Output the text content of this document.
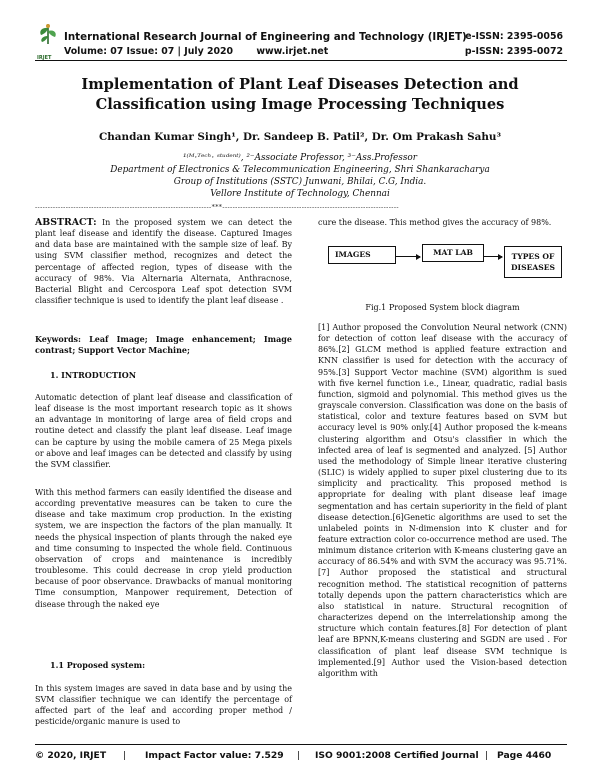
IRJET
International Research Journal of Engineering and Technology (IRJET)
Volume: 07 Issue: 07 | July 2020 www.irjet.net
e-ISSN: 2395-0056
p-ISSN: 2395-0072
Implementation of Plant Leaf Diseases Detection and Classification using Image Processing Techniques
Chandan Kumar Singh¹, Dr. Sandeep B. Patil², Dr. Om Prakash Sahu³
¹⁽ᴹ·ᵀᵉᶜʰ· ˢᵗᵘᵈᵉⁿᵗ⁾, ²⁻Associate Professor, ³⁻Ass.Professor
Department of Electronics & Telecommunication Engineering, Shri Shankaracharya
Group of Institutions (SSTC) Junwani, Bhilai, C.G, India.
Vellore Institute of Technology, Chennai
---------------------------------------------------------------------***---------------------------------------------------------------------

ABSTRACT: In the proposed system we can detect the plant leaf disease and identify the disease. Captured Images and data base are maintained with the sample size of leaf. By using SVM classifier method, recognizes and detect the percentage of affected region, types of disease with the accuracy of 98%. Via Alternaria Alternata, Anthracnose, Bacterial Blight and Cercospora Leaf spot detection SVM classifier technique is used to identify the plant leaf disease .

Keywords: Leaf Image; Image enhancement; Image contrast; Support Vector Machine;
1. INTRODUCTION
Automatic detection of plant leaf disease and classification of leaf disease is the most important research topic as it shows an advantage in monitoring of large area of field crops and routine detect and classify the plant leaf disease. Leaf image can be capture by using the mobile camera of 25 Mega pixels or above and leaf images can be detected and classify by using the SVM classifier.
With this method farmers can easily identified the disease and according preventative measures can be taken to cure the disease and take maximum crop production. In the existing system, we are inspection the factors of the plan manually. It needs the physical inspection of plants through the naked eye and time consuming to inspected the whole field. Continuous observation of crops and maintenance is incredibly troublesome. This could decrease in crop yield production because of poor observance. Drawbacks of manual monitoring Time consumption, Manpower requirement, Detection of disease through the naked eye
1.1 Proposed system:
In this system images are saved in data base and by using the SVM classifier technique we can identify the percentage of affected part of the leaf and according proper method / pesticide/organic manure is used to
cure the disease. This method gives the accuracy of 98%.
IMAGES	MAT LAB	TYPES OF
DISEASES
Fig.1 Proposed System block diagram
[1] Author proposed the Convolution Neural network (CNN) for detection of cotton leaf disease with the accuracy of 86%.[2] GLCM method is applied feature extraction and KNN classifier is used for detection with the accuracy of 95%.[3] Support Vector machine (SVM) algorithm is sued with five kernel function i.e., Linear, quadratic, radial basis function, sigmoid and polynomial. This method gives us the grayscale conversion. Classification was done on the basis of statistical, color and texture features based on SVM but accuracy level is 90% only.[4] Author proposed the k-means clustering algorithm and Otsu's classifier in which the infected area of leaf is segmented and analyzed. [5] Author used the methodology of Simple linear iterative clustering (SLIC) is widely applied to super pixel clustering due to its simplicity and practicality. This proposed method is appropriate for dealing with plant disease leaf image segmentation and has certain superiority in the field of plant disease detection.[6]Genetic algorithms are used to set the unlabeled points in N-dimension into K cluster and for feature extraction color co-occurrence method are used. The minimum distance criterion with K-means clustering gave an accuracy of 86.54% and with SVM the accuracy was 95.71%.[7] Author proposed the statistical and structural recognition method. The statistical recognition of patterns totally depends upon the pattern characteristics which are also statistical in nature. Structural recognition of characterizes depend on the interrelationship among the structure which contain features.[8] For detection of plant leaf are BPNN,K-means clustering and SGDN are used . For classification of plant leaf disease SVM technique is implemented.[9] Author used the Vision-based detection algorithm with
© 2020, IRJET | Impact Factor value: 7.529 | ISO 9001:2008 Certified Journal | Page 4460
